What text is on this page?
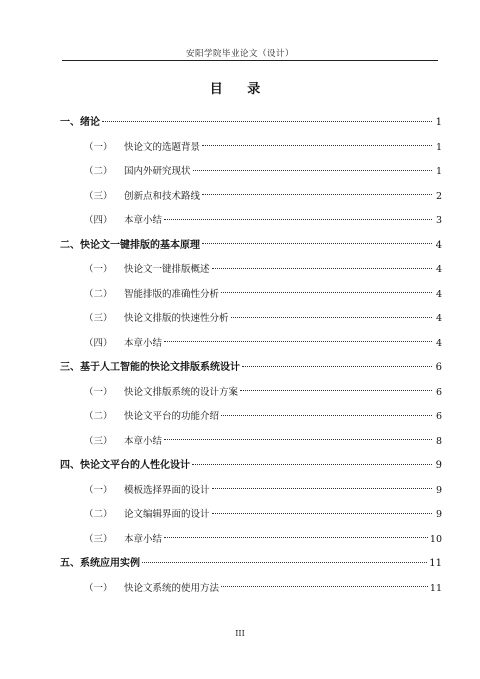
安阳学院毕业论文（设计）
目 录
一、 绪论	1
（一）	快论文的选题背景	1
（二）	国内外研究现状	1
（三）	创新点和技术路线	2
（四）	本章小结	3
二、 快论文一键排版的基本原理	4
（一）	快论文一键排版概述	4
（二）	智能排版的准确性分析	4
（三）	快论文排版的快速性分析	4
（四）	本章小结	4
三、 基于人工智能的快论文排版系统设计	6
（一）	快论文排版系统的设计方案	6
（二）	快论文平台的功能介绍	6
（三）	本章小结	8
四、 快论文平台的人性化设计	9
（一）	模板选择界面的设计	9
（二）	论文编辑界面的设计	9
（三）	本章小结	10
五、 系统应用实例	11
（一）	快论文系统的使用方法	11
III
